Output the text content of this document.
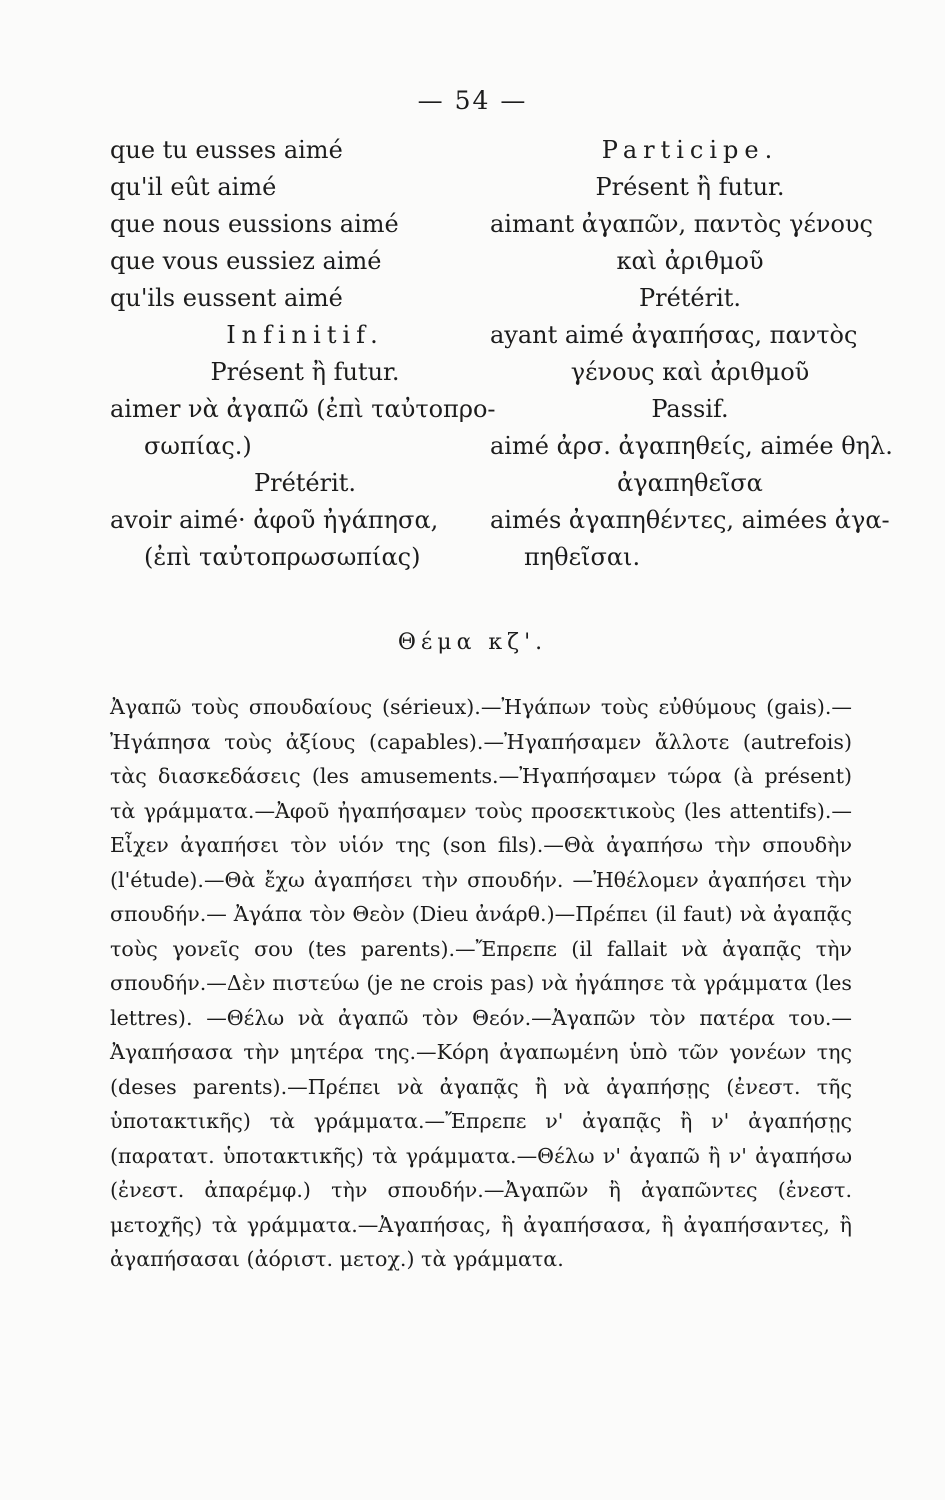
— 54 —
que tu eusses aimé
qu'il eût aimé
que nous eussions aimé
que vous eussiez aimé
qu'ils eussent aimé
Infinitif.
Présent ἢ futur.
aimer νὰ ἀγαπῶ (ἐπὶ ταὐτοπρο-
σωπίας.)
Prétérit.
avoir aimé· ἀφοῦ ἠγάπησα,
(ἐπὶ ταὐτοπρωσωπίας)
Participe.
Présent ἢ futur.
aimant ἀγαπῶν, παντὸς γένους
καὶ ἀριθμοῦ
Prétérit.
ayant aimé ἀγαπήσας, παντὸς
γένους καὶ ἀριθμοῦ
Passif.
aimé ἀρσ. ἀγαπηθείς, aimée θηλ.
ἀγαπηθεῖσα
aimés ἀγαπηθέντες, aimées ἀγα-
πηθεῖσαι.
Θέμα κζ'.

Ἀγαπῶ τοὺς σπουδαίους (sérieux).—Ἠγάπων τοὺς εὐθύμους (gais).—Ἠγάπησα τοὺς ἀξίους (capables).—Ἠγαπήσαμεν ἄλλοτε (autrefois) τὰς διασκεδάσεις (les amusements.—Ἠγαπήσαμεν τώρα (à présent) τὰ γράμματα.—Ἀφοῦ ἠγαπήσαμεν τοὺς προσεκτικοὺς (les attentifs).—Εἶχεν ἀγαπήσει τὸν υἱόν της (son fils).—Θὰ ἀγαπήσω τὴν σπουδὴν (l'étude).—Θὰ ἔχω ἀγαπήσει τὴν σπουδήν. —Ἠθέλομεν ἀγαπήσει τὴν σπουδήν.— Ἀγάπα τὸν Θεὸν (Dieu ἀνάρθ.)—Πρέπει (il faut) νὰ ἀγαπᾷς τοὺς γονεῖς σου (tes parents).—Ἔπρεπε (il fallait νὰ ἀγαπᾷς τὴν σπουδήν.—Δὲν πιστεύω (je ne crois pas) νὰ ἠγάπησε τὰ γράμματα (les lettres). —Θέλω νὰ ἀγαπῶ τὸν Θεόν.—Ἀγαπῶν τὸν πατέρα του.—Ἀγαπήσασα τὴν μητέρα της.—Κόρη ἀγαπωμένη ὑπὸ τῶν γονέων της (deses parents).—Πρέπει νὰ ἀγαπᾷς ἢ νὰ ἀγαπήσῃς (ἐνεστ. τῆς ὑποτακτικῆς) τὰ γράμματα.—Ἔπρεπε ν' ἀγαπᾷς ἢ ν' ἀγαπήσῃς (παρατατ. ὑποτακτικῆς) τὰ γράμματα.—Θέλω ν' ἀγαπῶ ἢ ν' ἀγαπήσω (ἐνεστ. ἀπαρέμφ.) τὴν σπουδήν.—Ἀγαπῶν ἢ ἀγαπῶντες (ἐνεστ. μετοχῆς) τὰ γράμματα.—Ἀγαπήσας, ἢ ἀγαπήσασα, ἢ ἀγαπήσαντες, ἢ ἀγαπήσασαι (ἀόριστ. μετοχ.) τὰ γράμματα.
